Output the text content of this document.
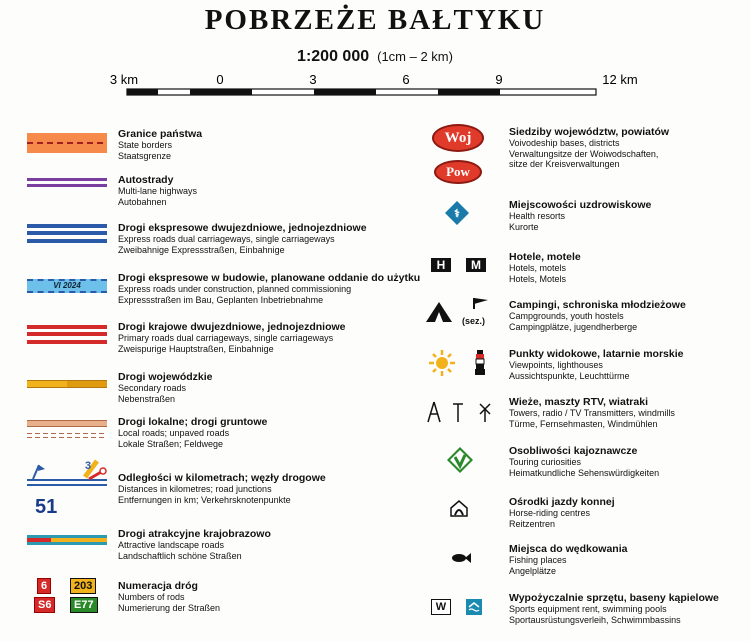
POBRZEŻE BAŁTYKU
1:200 000 (1cm – 2 km)
3 km	0	3	6	9	12 km
VI 2024
3
51
6	203
S6	E77
Granice państwa
State borders
Staatsgrenze
Autostrady
Multi-lane highways
Autobahnen
Drogi ekspresowe dwujezdniowe, jednojezdniowe
Express roads dual carriageways, single carriageways
Zweibahnige Expressstraßen, Einbahnige
Drogi ekspresowe w budowie, planowane oddanie do użytku
Express roads under construction, planned commissioning
Expressstraßen im Bau, Geplanten Inbetriebnahme
Drogi krajowe dwujezdniowe, jednojezdniowe
Primary roads dual carriageways, single carriageways
Zweispurige Hauptstraßen, Einbahnige
Drogi wojewódzkie
Secondary roads
Nebenstraßen
Drogi lokalne; drogi gruntowe
Local roads; unpaved roads
Lokale Straßen; Feldwege
Odległości w kilometrach; węzły drogowe
Distances in kilometres; road junctions
Entfernungen in km; Verkehrsknotenpunkte
Drogi atrakcyjne krajobrazowo
Attractive landscape roads
Landschaftlich schöne Straßen
Numeracja dróg
Numbers of rods
Numerierung der Straßen
Woj
Pow
⚕
H	M
(sez.)
W
Siedziby województw, powiatów
Voivodeship bases, districts
Verwaltungsitze der Woiwodschaften,
sitze der Kreisverwaltungen
Miejscowości uzdrowiskowe
Health resorts
Kurorte
Hotele, motele
Hotels, motels
Hotels, Motels
Campingi, schroniska młodzieżowe
Campgrounds, youth hostels
Campingplätze, jugendherberge
Punkty widokowe, latarnie morskie
Viewpoints, lighthouses
Aussichtspunkte, Leuchttürme
Wieże, maszty RTV, wiatraki
Towers, radio / TV Transmitters, windmills
Türme, Fernsehmasten, Windmühlen
Osobliwości kajoznawcze
Touring curiosities
Heimatkundliche Sehenswürdigkeiten
Ośrodki jazdy konnej
Horse-riding centres
Reitzentren
Miejsca do wędkowania
Fishing places
Angelplätze
Wypożyczalnie sprzętu, baseny kąpielowe
Sports equipment rent, swimming pools
Sportausrüstungsverleih, Schwimmbassins
